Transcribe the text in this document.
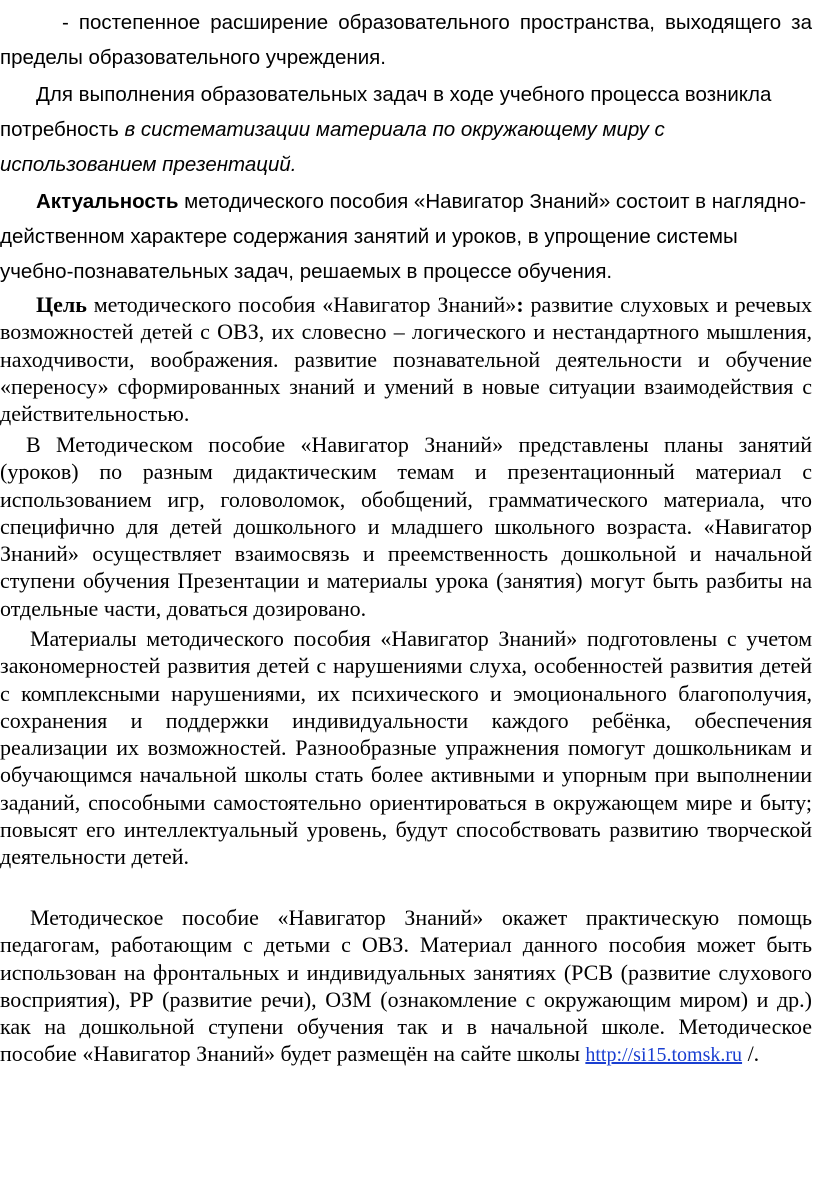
- постепенное расширение образовательного пространства, выходящего за пределы образовательного учреждения.

Для выполнения образовательных задач в ходе учебного процесса возникла потребность в систематизации материала по окружающему миру с использованием презентаций.

Актуальность методического пособия «Навигатор Знаний» состоит в наглядно-действенном характере содержания занятий и уроков, в упрощение системы учебно-познавательных задач, решаемых в процессе обучения.

Цель методического пособия «Навигатор Знаний»: развитие слуховых и речевых возможностей детей с ОВЗ, их словесно – логического и нестандартного мышления, находчивости, воображения. развитие познавательной деятельности и обучение «переносу» сформированных знаний и умений в новые ситуации взаимодействия с действительностью.

В Методическом пособие «Навигатор Знаний» представлены планы занятий (уроков) по разным дидактическим темам и презентационный материал с использованием игр, головоломок, обобщений, грамматического материала, что специфично для детей дошкольного и младшего школьного возраста. «Навигатор Знаний» осуществляет взаимосвязь и преемственность дошкольной и начальной ступени обучения Презентации и материалы урока (занятия) могут быть разбиты на отдельные части, доваться дозировано.

Материалы методического пособия «Навигатор Знаний» подготовлены с учетом закономерностей развития детей с нарушениями слуха, особенностей развития детей с комплексными нарушениями, их психического и эмоционального благополучия, сохранения и поддержки индивидуальности каждого ребёнка, обеспечения реализации их возможностей. Разнообразные упражнения помогут дошкольникам и обучающимся начальной школы стать более активными и упорным при выполнении заданий, способными самостоятельно ориентироваться в окружающем мире и быту; повысят его интеллектуальный уровень, будут способствовать развитию творческой деятельности детей.

Методическое пособие «Навигатор Знаний» окажет практическую помощь педагогам, работающим с детьми с ОВЗ. Материал данного пособия может быть использован на фронтальных и индивидуальных занятиях (РСВ (развитие слухового восприятия), РР (развитие речи), ОЗМ (ознакомление с окружающим миром) и др.) как на дошкольной ступени обучения так и в начальной школе. Методическое пособие «Навигатор Знаний» будет размещён на сайте школы http://si15.tomsk.ru /.
